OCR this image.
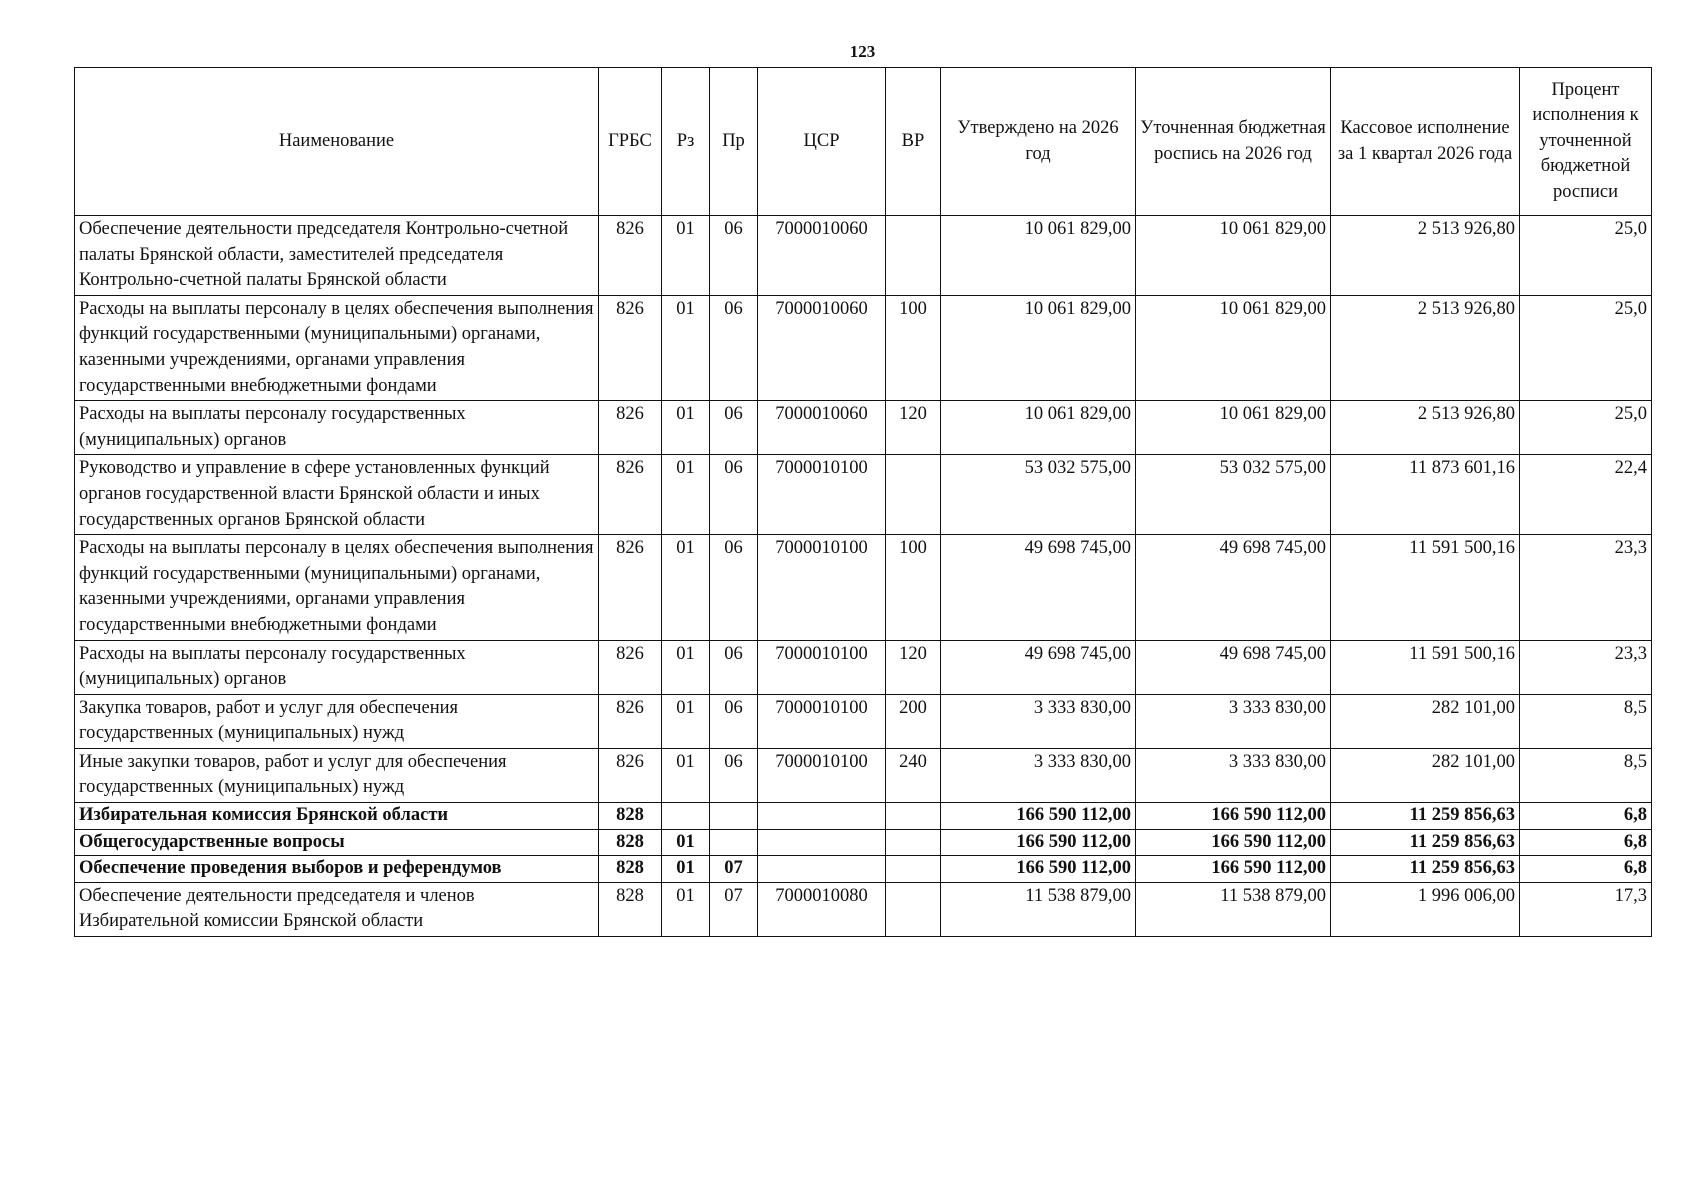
123
Наименование	ГРБС	Рз	Пр	ЦСР	ВР	Утверждено на 2026 год	Уточненная бюджетная роспись на 2026 год	Кассовое исполнение за 1 квартал 2026 года	Процент исполнения к уточненной бюджетной росписи
Обеспечение деятельности председателя Контрольно-счетной палаты Брянской области, заместителей председателя Контрольно-счетной палаты Брянской области	826	01	06	7000010060		10 061 829,00	10 061 829,00	2 513 926,80	25,0
Расходы на выплаты персоналу в целях обеспечения выполнения функций государственными (муниципальными) органами, казенными учреждениями, органами управления государственными внебюджетными фондами	826	01	06	7000010060	100	10 061 829,00	10 061 829,00	2 513 926,80	25,0
Расходы на выплаты персоналу государственных (муниципальных) органов	826	01	06	7000010060	120	10 061 829,00	10 061 829,00	2 513 926,80	25,0
Руководство и управление в сфере установленных функций органов государственной власти Брянской области и иных государственных органов Брянской области	826	01	06	7000010100		53 032 575,00	53 032 575,00	11 873 601,16	22,4
Расходы на выплаты персоналу в целях обеспечения выполнения функций государственными (муниципальными) органами, казенными учреждениями, органами управления государственными внебюджетными фондами	826	01	06	7000010100	100	49 698 745,00	49 698 745,00	11 591 500,16	23,3
Расходы на выплаты персоналу государственных (муниципальных) органов	826	01	06	7000010100	120	49 698 745,00	49 698 745,00	11 591 500,16	23,3
Закупка товаров, работ и услуг для обеспечения государственных (муниципальных) нужд	826	01	06	7000010100	200	3 333 830,00	3 333 830,00	282 101,00	8,5
Иные закупки товаров, работ и услуг для обеспечения государственных (муниципальных) нужд	826	01	06	7000010100	240	3 333 830,00	3 333 830,00	282 101,00	8,5
Избирательная комиссия Брянской области	828					166 590 112,00	166 590 112,00	11 259 856,63	6,8
Общегосударственные вопросы	828	01				166 590 112,00	166 590 112,00	11 259 856,63	6,8
Обеспечение проведения выборов и референдумов	828	01	07			166 590 112,00	166 590 112,00	11 259 856,63	6,8
Обеспечение деятельности председателя и членов Избирательной комиссии Брянской области	828	01	07	7000010080		11 538 879,00	11 538 879,00	1 996 006,00	17,3
